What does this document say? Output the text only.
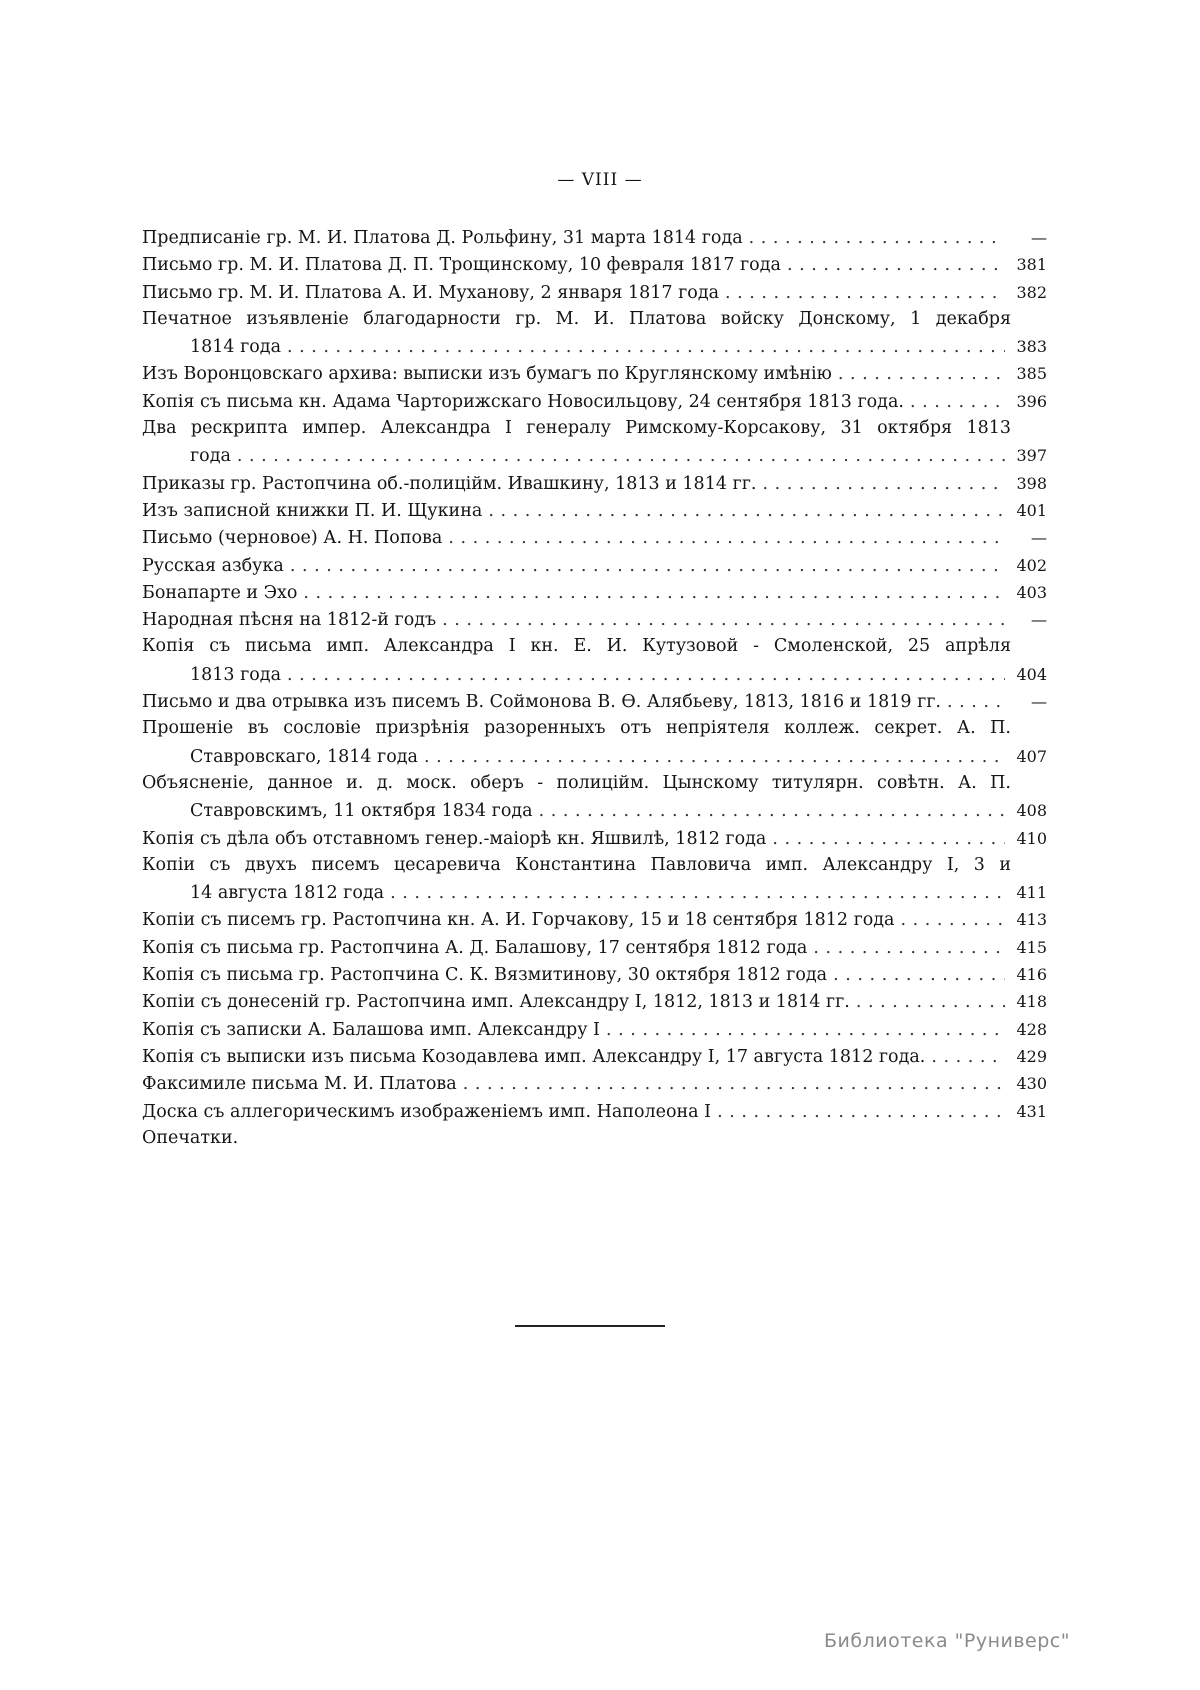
— VIII —
Предписаніе гр. М. И. Платова Д. Рольфину, 31 марта 1814 года . . .	—
Письмо гр. М. И. Платова Д. П. Трощинскому, 10 февраля 1817 года . . .	381
Письмо гр. М. И. Платова А. И. Муханову, 2 января 1817 года . . .	382
Печатное изъявленіе благодарности гр. М. И. Платова войску Донскому, 1 декабря
1814 года . . .	383
Изъ Воронцовскаго архива: выписки изъ бумагъ по Круглянскому имѣнію . . .	385
Копія съ письма кн. Адама Чарторижскаго Новосильцову, 24 сентября 1813 года. . . .	396
Два рескрипта импер. Александра I генералу Римскому-Корсакову, 31 октября 1813
года . . .	397
Приказы гр. Растопчина об.-полицiйм. Ивашкину, 1813 и 1814 гг. . . .	398
Изъ записной книжки П. И. Щукина . . .	401
Письмо (черновое) А. Н. Попова . . .	—
Русская азбука . . .	402
Бонапарте и Эхо . . .	403
Народная пѣсня на 1812-й годъ . . .	—
Копія съ письма имп. Александра I кн. Е. И. Кутузовой - Смоленской, 25 апрѣля
1813 года . . .	404
Письмо и два отрывка изъ писемъ В. Соймонова В. Ѳ. Алябьеву, 1813, 1816 и 1819 гг. . . .	—
Прошеніе въ сословіе призрѣнія разоренныхъ отъ непріятеля коллеж. секрет. А. П.
Ставровскаго, 1814 года . . .	407
Объясненіе, данное и. д. моск. оберъ - полицiйм. Цынскому титулярн. совѣтн. А. П.
Ставровскимъ, 11 октября 1834 года . . .	408
Копія съ дѣла объ отставномъ генер.-маіорѣ кн. Яшвилѣ, 1812 года . . .	410
Копіи съ двухъ писемъ цесаревича Константина Павловича имп. Александру I, 3 и
14 августа 1812 года . . .	411
Копіи съ писемъ гр. Растопчина кн. А. И. Горчакову, 15 и 18 сентября 1812 года . . .	413
Копія съ письма гр. Растопчина А. Д. Балашову, 17 сентября 1812 года . . .	415
Копія съ письма гр. Растопчина С. К. Вязмитинову, 30 октября 1812 года . . .	416
Копіи съ донесеній гр. Растопчина имп. Александру I, 1812, 1813 и 1814 гг. . . .	418
Копія съ записки А. Балашова имп. Александру I . . .	428
Копія съ выписки изъ письма Козодавлева имп. Александру I, 17 августа 1812 года. . . .	429
Факсимиле письма М. И. Платова . . .	430
Доска съ аллегорическимъ изображеніемъ имп. Наполеона I . . .	431
Опечатки.
Библиотека "Руниверс"
